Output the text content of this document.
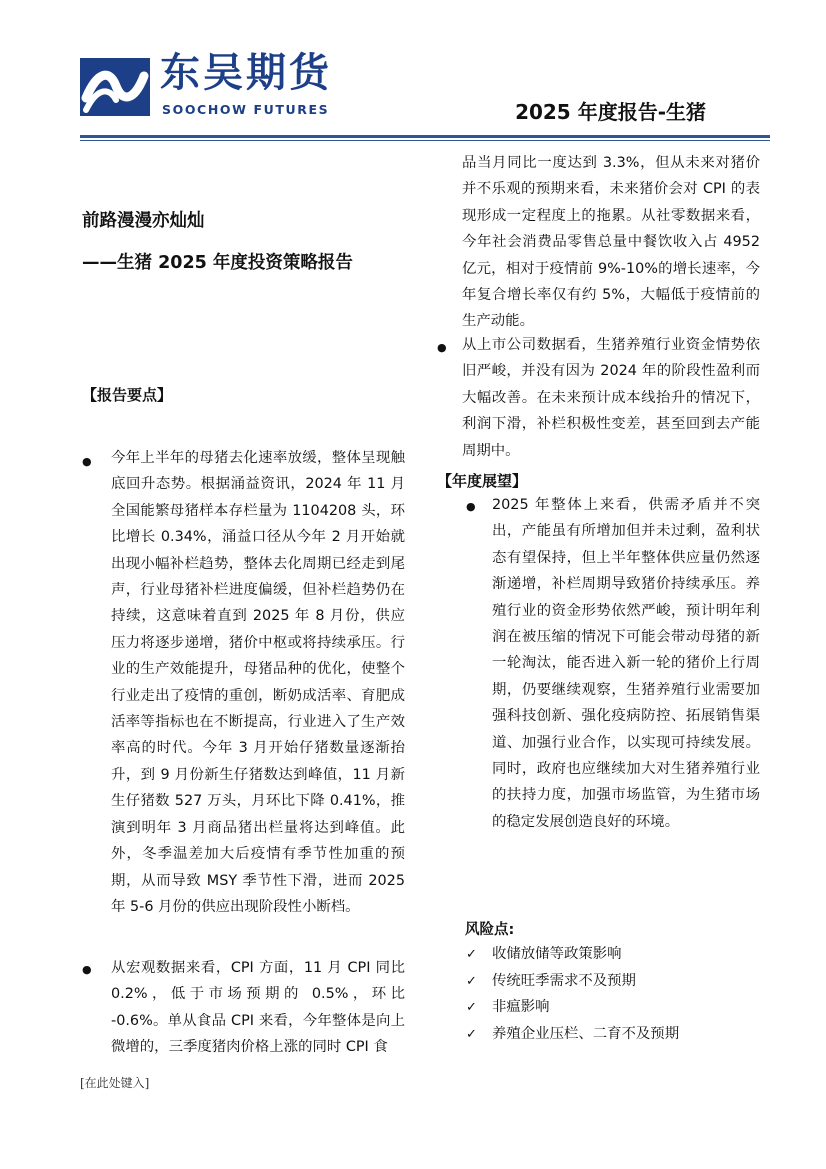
东吴期货
SOOCHOW FUTURES	2025 年度报告-生猪
前路漫漫亦灿灿
——生猪 2025 年度投资策略报告
【报告要点】
● 今年上半年的母猪去化速率放缓，整体呈现触底回升态势。根据涌益资讯，2024 年 11 月全国能繁母猪样本存栏量为 1104208 头，环比增长 0.34%，涌益口径从今年 2 月开始就出现小幅补栏趋势，整体去化周期已经走到尾声，行业母猪补栏进度偏缓，但补栏趋势仍在持续，这意味着直到 2025 年 8 月份，供应压力将逐步递增，猪价中枢或将持续承压。行业的生产效能提升，母猪品种的优化，使整个行业走出了疫情的重创，断奶成活率、育肥成活率等指标也在不断提高，行业进入了生产效率高的时代。今年 3 月开始仔猪数量逐渐抬升，到 9 月份新生仔猪数达到峰值，11 月新生仔猪数 527 万头，月环比下降 0.41%，推演到明年 3 月商品猪出栏量将达到峰值。此外，冬季温差加大后疫情有季节性加重的预期，从而导致 MSY 季节性下滑，进而 2025 年 5-6 月份的供应出现阶段性小断档。

● 从宏观数据来看，CPI 方面，11 月 CPI 同比 0.2%，低于市场预期的 0.5%，环比 -0.6%。单从食品 CPI 来看，今年整体是向上微增的，三季度猪肉价格上涨的同时 CPI 食

品当月同比一度达到 3.3%，但从未来对猪价并不乐观的预期来看，未来猪价会对 CPI 的表现形成一定程度上的拖累。从社零数据来看，今年社会消费品零售总量中餐饮收入占 4952 亿元，相对于疫情前 9%-10%的增长速率，今年复合增长率仅有约 5%，大幅低于疫情前的生产动能。

● 从上市公司数据看，生猪养殖行业资金情势依旧严峻，并没有因为 2024 年的阶段性盈利而大幅改善。在未来预计成本线抬升的情况下，利润下滑，补栏积极性变差，甚至回到去产能周期中。

【年度展望】
● 2025 年整体上来看，供需矛盾并不突出，产能虽有所增加但并未过剩，盈利状态有望保持，但上半年整体供应量仍然逐渐递增，补栏周期导致猪价持续承压。养殖行业的资金形势依然严峻，预计明年利润在被压缩的情况下可能会带动母猪的新一轮淘汰，能否进入新一轮的猪价上行周期，仍要继续观察，生猪养殖行业需要加强科技创新、强化疫病防控、拓展销售渠道、加强行业合作，以实现可持续发展。同时，政府也应继续加大对生猪养殖行业的扶持力度，加强市场监管，为生猪市场的稳定发展创造良好的环境。

风险点:
✓ 收储放储等政策影响
✓ 传统旺季需求不及预期
✓ 非瘟影响
✓ 养殖企业压栏、二育不及预期
[在此处键入]
